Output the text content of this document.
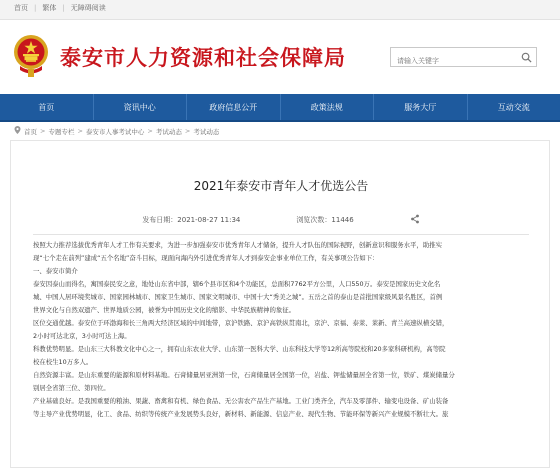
首页 | 繁体 | 无障碍阅读
泰安市人力资源和社会保障局
请输入关键字
首页	资讯中心	政府信息公开	政策法规	服务大厅	互动交流
首页 > 专题专栏 > 泰安市人事考试中心 > 考试动态 > 考试动态
2021年泰安市青年人才优选公告
发布日期：2021-08-27 11:34	浏览次数：11446

按照大力推荐选拔优秀青年人才工作有关要求，为进一步加强泰安市优秀青年人才储备，提升人才队伍的国际视野，创新意识和服务水平，助推实

现“七个走在前列”建成“五个名地”奋斗目标，现面向海内外引进优秀青年人才到泰安企事业单位工作，有关事项公告如下：

一、泰安市简介

泰安因泰山而得名，寓国泰民安之意，地处山东省中部，辖6个县市区和4个功能区，总面积7762平方公里，人口550万。泰安是国家历史文化名

城、中国人居环境奖城市、国家园林城市、国家卫生城市、国家文明城市、中国十大“秀美之城”。五岳之首的泰山是首批国家级风景名胜区，首例

世界文化与自然双遗产、世界地质公园，被誉为中国历史文化的缩影、中华民族精神的象征。

区位交通优越。泰安位于环渤海和长三角两大经济区域的中间地带，京沪铁路、京沪高铁纵贯南北，京沪、京福、泰莱、莱新、青兰高速纵横交错，

2小时可达北京，3小时可达上海。

科教优势明显。是山东三大科教文化中心之一，拥有山东农业大学、山东第一医科大学、山东科技大学等12所高等院校和20多家科研机构，高等院

校在校生10万多人。

自然资源丰富。是山东重要的能源和原材料基地。石膏储量居亚洲第一位，石膏储量居全国第一位，岩盐、钾盐储量居全省第一位，铁矿、煤炭储量分

别居全省第三位、第四位。

产业基础良好。是我国重要的粮油、果蔬、畜禽和有机、绿色食品、无公害农产品生产基地。工业门类齐全，汽车及零部件、输变电设备、矿山装备

等主导产业优势明显，化工、食品、纺织等传统产业发展势头良好，新材料、新能源、信息产业、现代生物、节能环保等新兴产业规模不断壮大。旅
